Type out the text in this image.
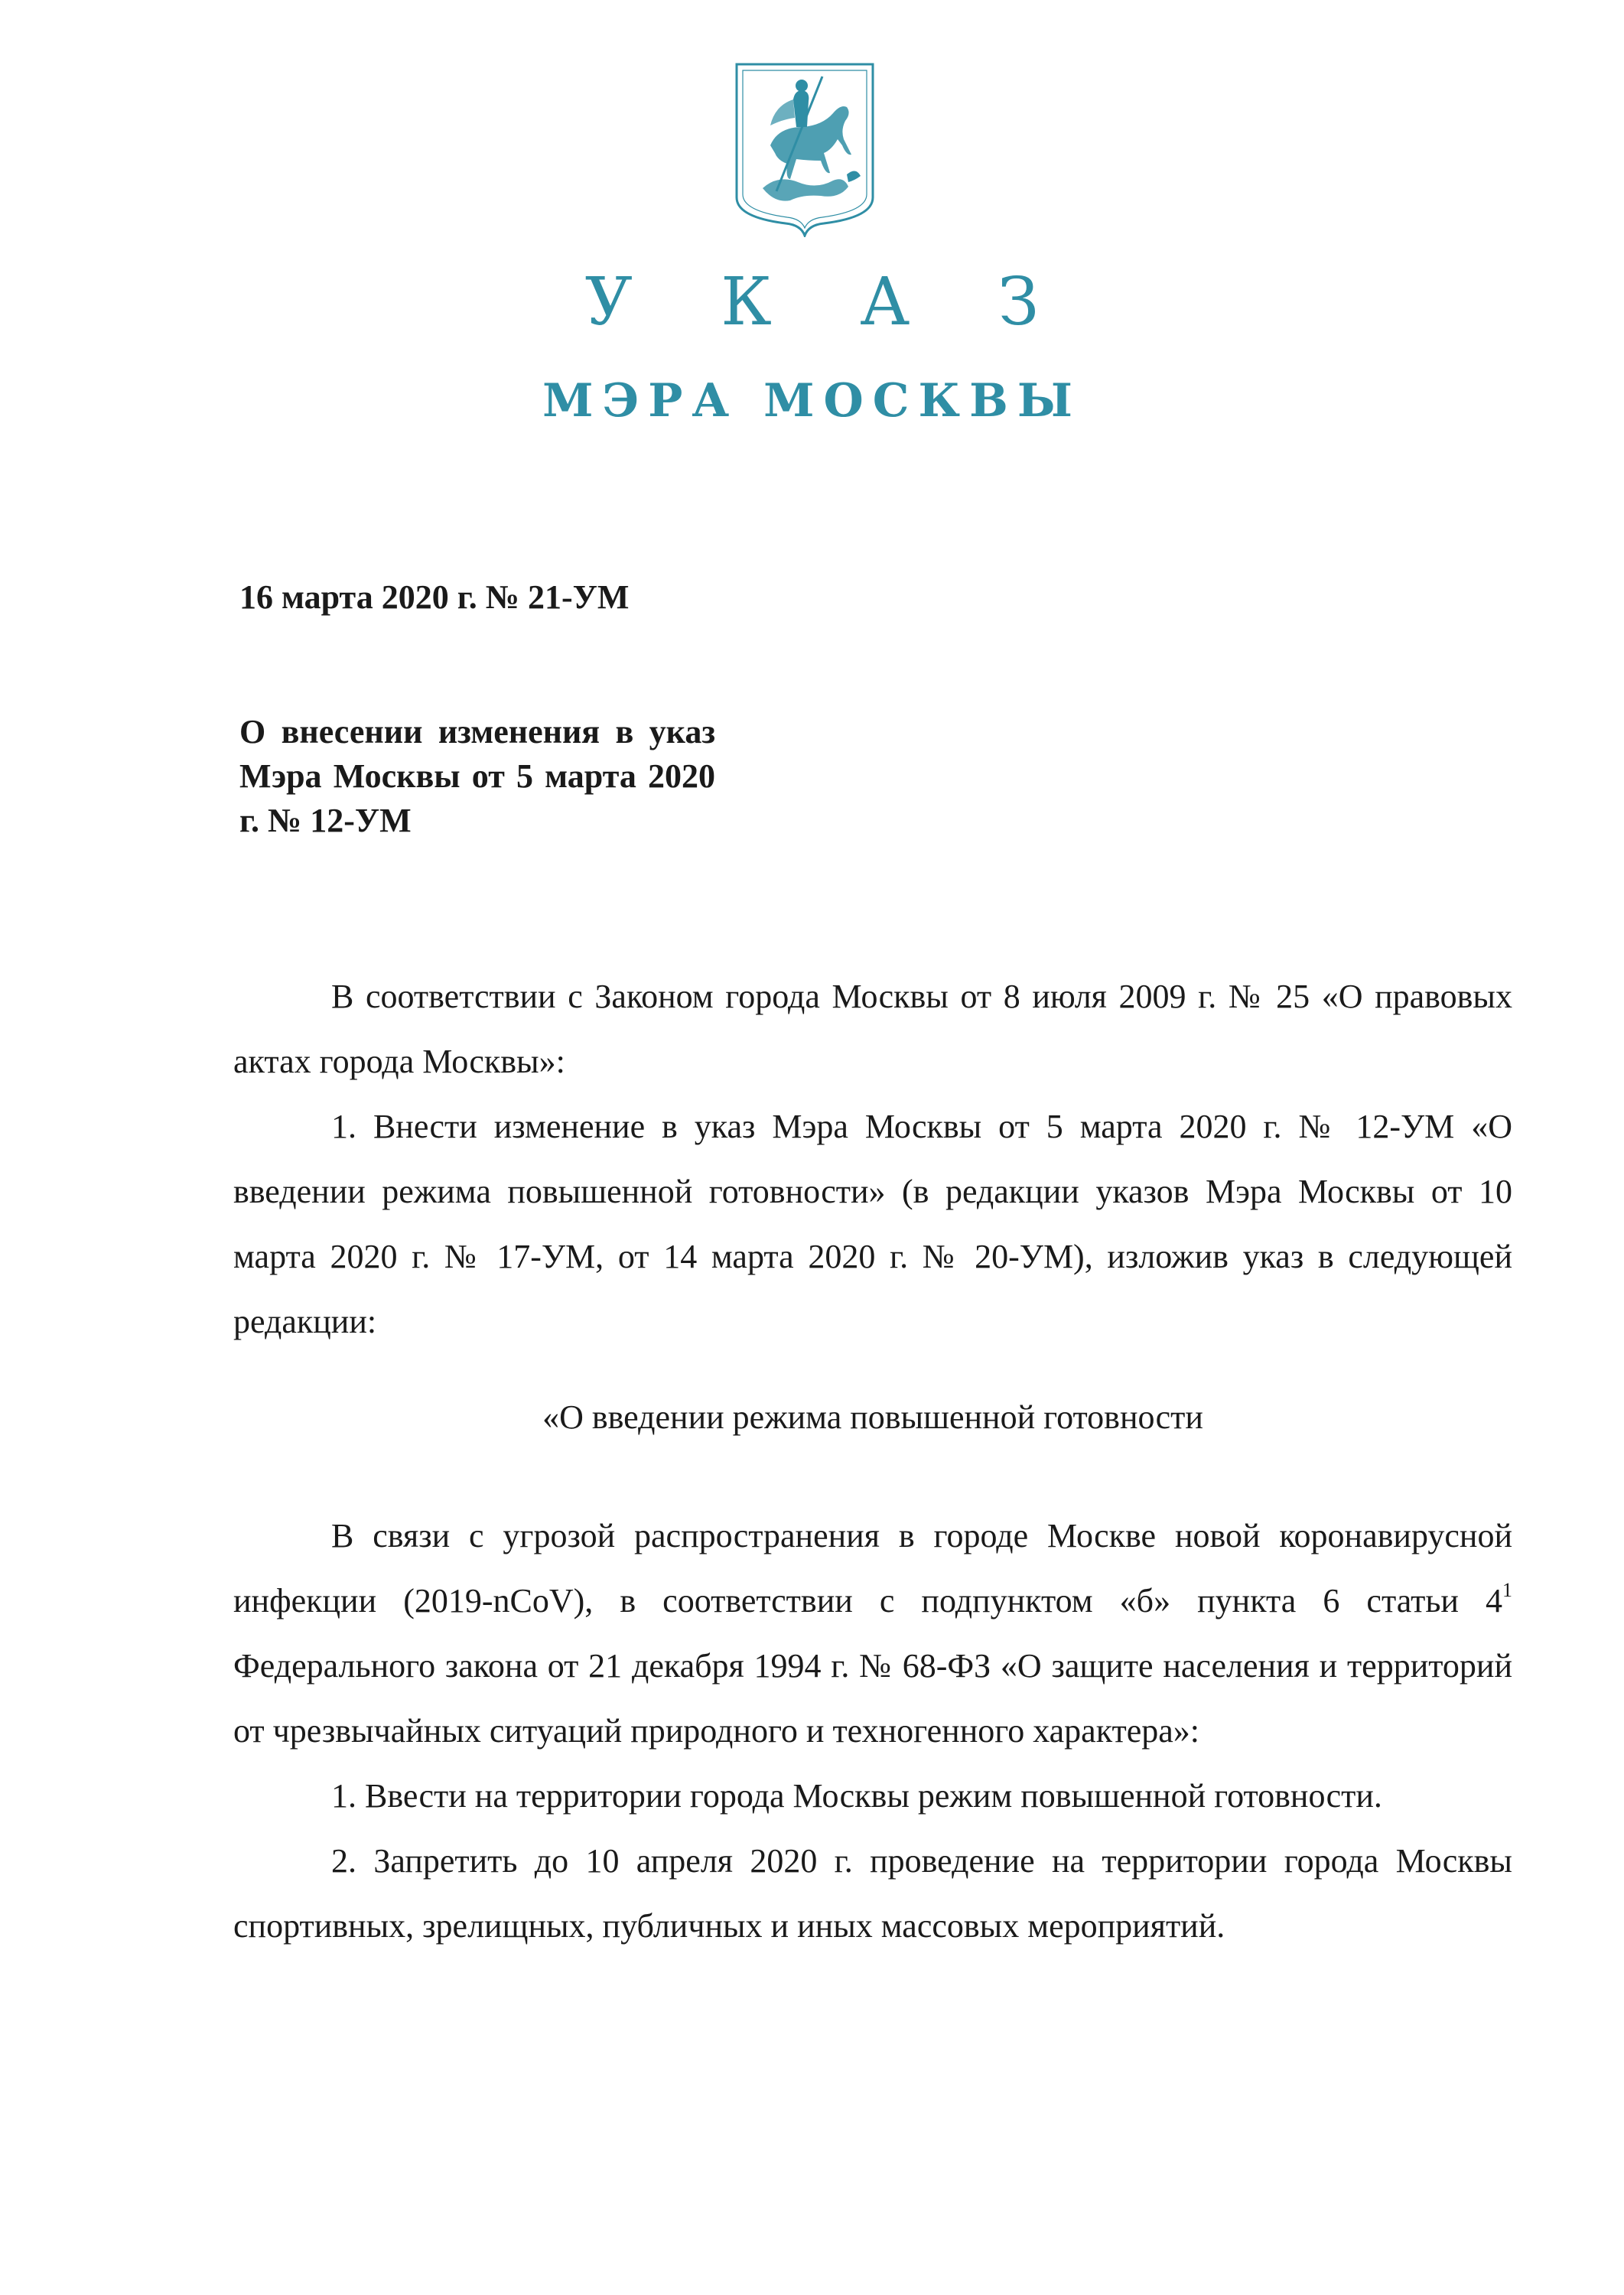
У К А З
МЭРА МОСКВЫ
16 марта 2020 г. № 21-УМ
О внесении изменения в указ Мэра Москвы от 5 марта 2020 г. № 12-УМ

В соответствии с Законом города Москвы от 8 июля 2009 г. № 25 «О правовых актах города Москвы»:

1. Внести изменение в указ Мэра Москвы от 5 марта 2020 г. № 12-УМ «О введении режима повышенной готовности» (в редакции указов Мэра Москвы от 10 марта 2020 г. № 17-УМ, от 14 марта 2020 г. № 20-УМ), изложив указ в следующей редакции:

«О введении режима повышенной готовности

В связи с угрозой распространения в городе Москве новой коронавирусной инфекции (2019-nCoV), в соответствии с подпунктом «б» пункта 6 статьи $4^1$ Федерального закона от 21 декабря 1994 г. № 68-ФЗ «О защите населения и территорий от чрезвычайных ситуаций природного и техногенного характера»:

1. Ввести на территории города Москвы режим повышенной готовности.

2. Запретить до 10 апреля 2020 г. проведение на территории города Москвы спортивных, зрелищных, публичных и иных массовых мероприятий.
